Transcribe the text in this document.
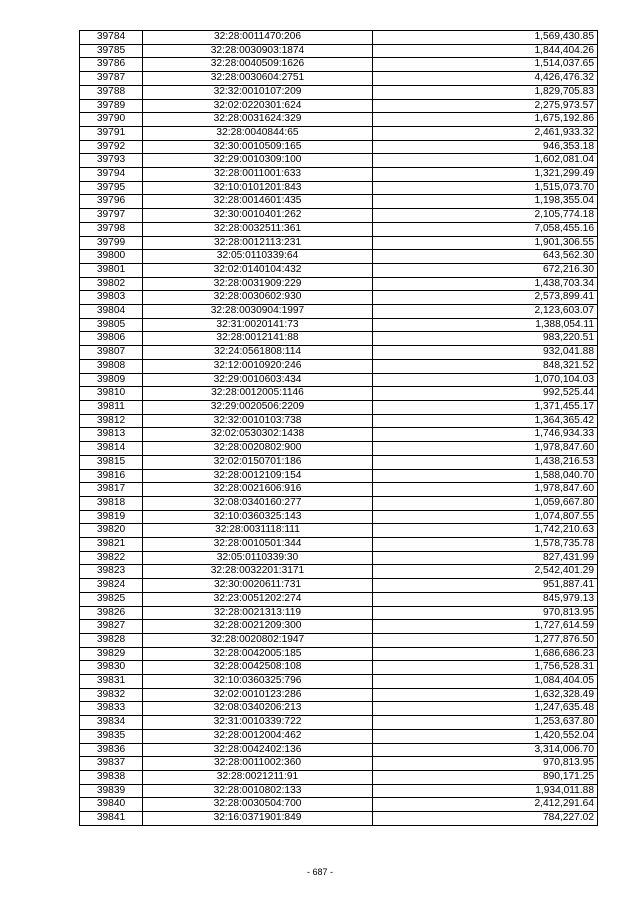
39784	32:28:0011470:206	1,569,430.85
39785	32:28:0030903:1874	1,844,404.26
39786	32:28:0040509:1626	1,514,037.65
39787	32:28:0030604:2751	4,426,476.32
39788	32:32:0010107:209	1,829,705.83
39789	32:02:0220301:624	2,275,973.57
39790	32:28:0031624:329	1,675,192.86
39791	32:28:0040844:65	2,461,933.32
39792	32:30:0010509:165	946,353.18
39793	32:29:0010309:100	1,602,081.04
39794	32:28:0011001:633	1,321,299.49
39795	32:10:0101201:843	1,515,073.70
39796	32:28:0014601:435	1,198,355.04
39797	32:30:0010401:262	2,105,774.18
39798	32:28:0032511:361	7,058,455.16
39799	32:28:0012113:231	1,901,306.55
39800	32:05:0110339:64	643,562.30
39801	32:02:0140104:432	672,216.30
39802	32:28:0031909:229	1,438,703.34
39803	32:28:0030602:930	2,573,899.41
39804	32:28:0030904:1997	2,123,603.07
39805	32:31:0020141:73	1,388,054.11
39806	32:28:0012141:88	983,220.51
39807	32:24:0561808:114	932,041.88
39808	32:12:0010920:246	848,321.52
39809	32:29:0010603:434	1,070,104.03
39810	32:28:0012005:1146	992,525.44
39811	32:29:0020506:2209	1,371,455.17
39812	32:32:0010103:738	1,364,365.42
39813	32:02:0530302:1438	1,746,934.33
39814	32:28:0020802:900	1,978,847.60
39815	32:02:0150701:186	1,438,216.53
39816	32:28:0012109:154	1,588,040.70
39817	32:28:0021606:916	1,978,847.60
39818	32:08:0340160:277	1,059,667.80
39819	32:10:0360325:143	1,074,807.55
39820	32:28:0031118:111	1,742,210.63
39821	32:28:0010501:344	1,578,735.78
39822	32:05:0110339:30	827,431.99
39823	32:28:0032201:3171	2,542,401.29
39824	32:30:0020611:731	951,887.41
39825	32:23:0051202:274	845,979.13
39826	32:28:0021313:119	970,813.95
39827	32:28:0021209:300	1,727,614.59
39828	32:28:0020802:1947	1,277,876.50
39829	32:28:0042005:185	1,686,686.23
39830	32:28:0042508:108	1,756,528.31
39831	32:10:0360325:796	1,084,404.05
39832	32:02:0010123:286	1,632,328.49
39833	32:08:0340206:213	1,247,635.48
39834	32:31:0010339:722	1,253,637.80
39835	32:28:0012004:462	1,420,552.04
39836	32:28:0042402:136	3,314,006.70
39837	32:28:0011002:360	970,813.95
39838	32:28:0021211:91	890,171.25
39839	32:28:0010802:133	1,934,011.88
39840	32:28:0030504:700	2,412,291.64
39841	32:16:0371901:849	784,227.02
- 687 -
